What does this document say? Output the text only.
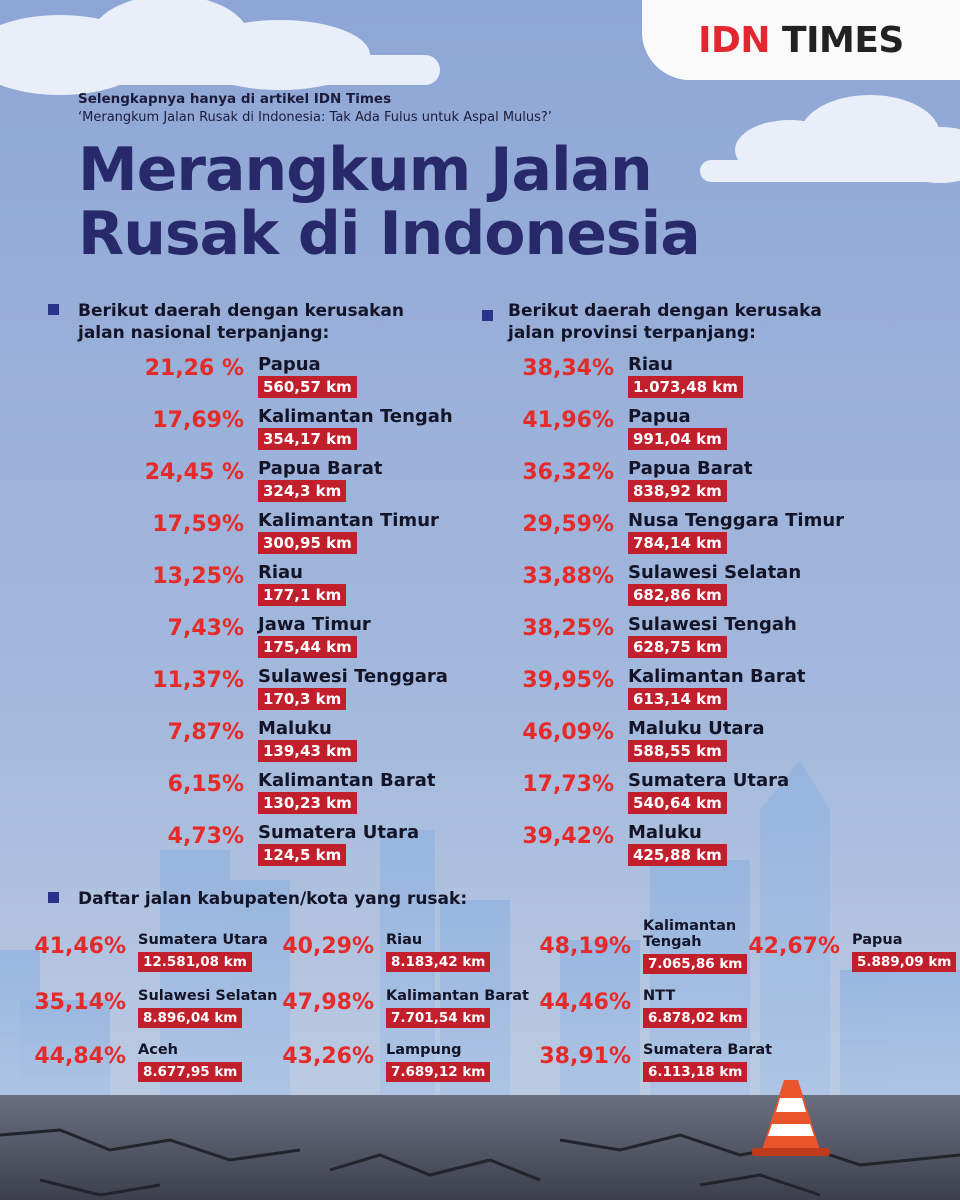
IDN TIMES
Selengkapnya hanya di artikel IDN Times
‘Merangkum Jalan Rusak di Indonesia: Tak Ada Fulus untuk Aspal Mulus?’
Merangkum Jalan
Rusak di Indonesia
Berikut daerah dengan kerusakan
jalan nasional terpanjang:
Berikut daerah dengan kerusaka
jalan provinsi terpanjang:
21,26 % Papua
560,57 km
17,69% Kalimantan Tengah
354,17 km
24,45 % Papua Barat
324,3 km
17,59% Kalimantan Timur
300,95 km
13,25% Riau
177,1 km
7,43% Jawa Timur
175,44 km
11,37% Sulawesi Tenggara
170,3 km
7,87% Maluku
139,43 km
6,15% Kalimantan Barat
130,23 km
4,73% Sumatera Utara
124,5 km
38,34% Riau
1.073,48 km
41,96% Papua
991,04 km
36,32% Papua Barat
838,92 km
29,59% Nusa Tenggara Timur
784,14 km
33,88% Sulawesi Selatan
682,86 km
38,25% Sulawesi Tengah
628,75 km
39,95% Kalimantan Barat
613,14 km
46,09% Maluku Utara
588,55 km
17,73% Sumatera Utara
540,64 km
39,42% Maluku
425,88 km
Daftar jalan kabupaten/kota yang rusak:
41,46% Sumatera Utara
12.581,08 km
35,14% Sulawesi Selatan
8.896,04 km
44,84% Aceh
8.677,95 km
40,29% Riau
8.183,42 km
47,98% Kalimantan Barat
7.701,54 km
43,26% Lampung
7.689,12 km
48,19%
Kalimantan Tengah
7.065,86 km
44,46% NTT
6.878,02 km
38,91% Sumatera Barat
6.113,18 km
42,67% Papua
5.889,09 km
